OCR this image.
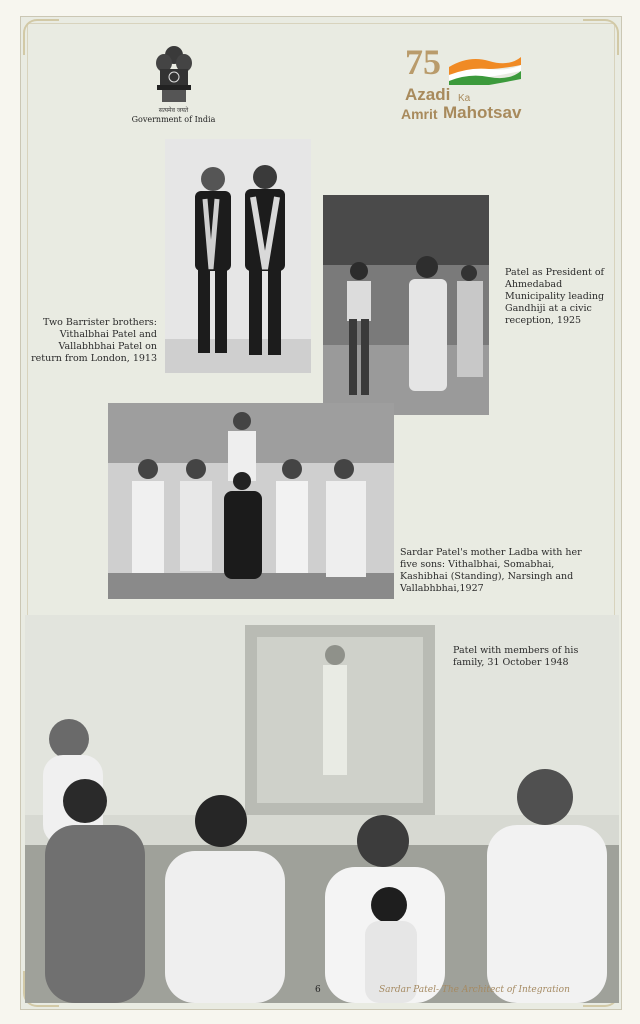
सत्यमेव जयते
Government of India
75
Azadi Ka
Amrit Mahotsav
Two Barrister brothers: Vithalbhai Patel and Vallabhbhai Patel on return from London, 1913
Patel as President of Ahmedabad Municipality leading Gandhiji at a civic reception, 1925
Sardar Patel's mother Ladba with her five sons: Vithalbhai, Somabhai, Kashibhai (Standing), Narsingh and Vallabhbhai,1927
Patel with members of his family, 31 October 1948
6	Sardar Patel- The Architect of Integration
